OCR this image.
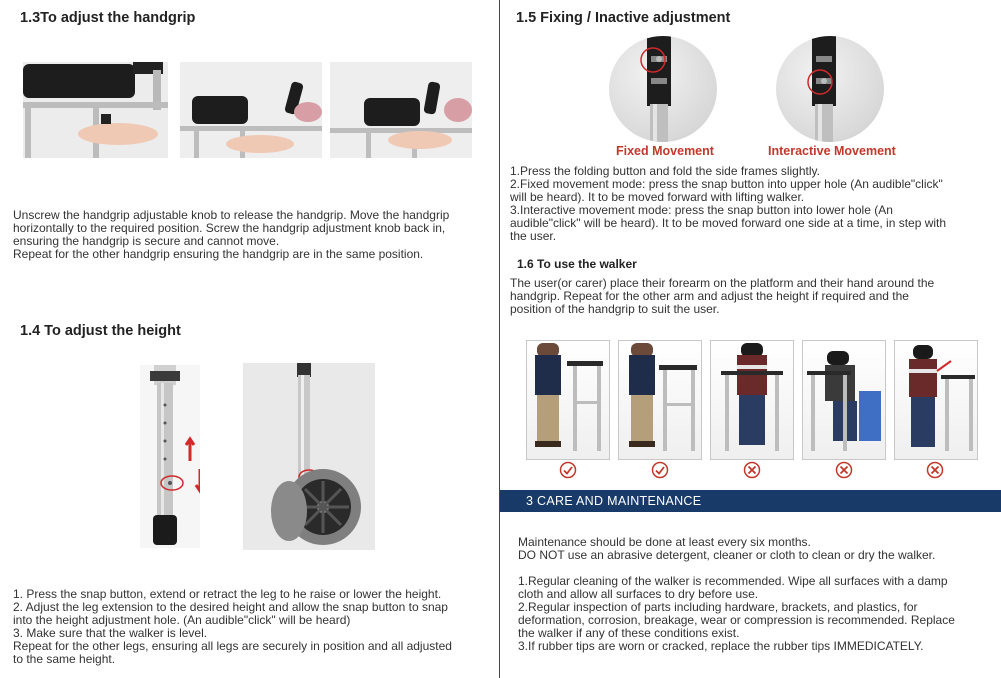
1.3To adjust the handgrip

Unscrew the handgrip adjustable knob to release the handgrip. Move the handgrip

horizontally to the required position. Screw the handgrip adjustment knob back in,

ensuring the handgrip is secure and cannot move.

Repeat for the other handgrip ensuring the handgrip are in the same position.

1.4 To adjust the height

1. Press the snap button, extend or retract the leg to he raise or lower the height.

2. Adjust the leg extension to the desired height and allow the snap button to snap

into the height adjustment hole. (An audible"click" will be heard)

3. Make sure that the walker is level.

Repeat for the other legs, ensuring all legs are securely in position and all adjusted

to the same height.

1.5 Fixing / Inactive adjustment
Fixed Movement	Interactive Movement

1.Press the folding button and fold the side frames slightly.

2.Fixed movement mode: press the snap button into upper hole (An audible"click"

will be heard). It to be moved forward with lifting walker.

3.Interactive movement mode: press the snap button into lower hole (An

audible"click" will be heard). It to be moved forward one side at a time, in step with

the user.

1.6 To use the walker

The user(or carer) place their forearm on the platform and their hand around the

handgrip. Repeat for the other arm and adjust the height if required and the

position of the handgrip to suit the user.

3 CARE AND MAINTENANCE

Maintenance should be done at least every six months.

DO NOT use an abrasive detergent, cleaner or cloth to clean or dry the walker.

1.Regular cleaning of the walker is recommended. Wipe all surfaces with a damp

cloth and allow all surfaces to dry before use.

2.Regular inspection of parts including hardware, brackets, and plastics, for

deformation, corrosion, breakage, wear or compression is recommended. Replace

the walker if any of these conditions exist.

3.If rubber tips are worn or cracked, replace the rubber tips IMMEDICATELY.
